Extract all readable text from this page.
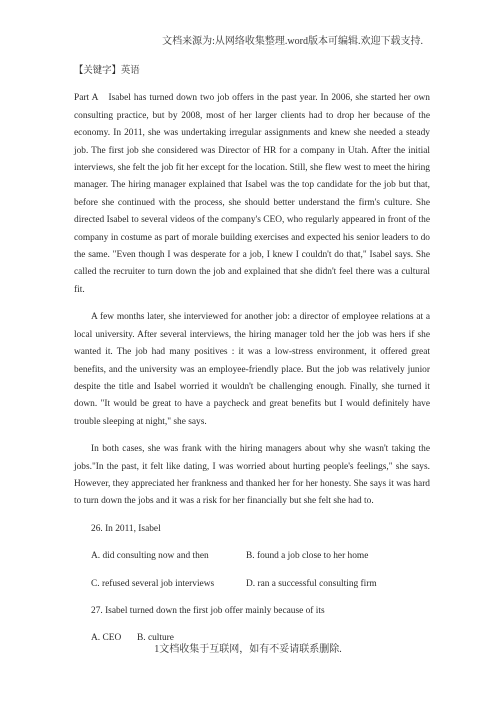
文档来源为:从网络收集整理.word版本可编辑.欢迎下载支持.

【关键字】英语

Part A　Isabel has turned down two job offers in the past year. In 2006, she started her own consulting practice, but by 2008, most of her larger clients had to drop her because of the economy. In 2011, she was undertaking irregular assignments and knew she needed a steady job. The first job she considered was Director of HR for a company in Utah. After the initial interviews, she felt the job fit her except for the location. Still, she flew west to meet the hiring manager. The hiring manager explained that Isabel was the top candidate for the job but that, before she continued with the process, she should better understand the firm's culture. She directed Isabel to several videos of the company's CEO, who regularly appeared in front of the company in costume as part of morale building exercises and expected his senior leaders to do the same. "Even though I was desperate for a job, I knew I couldn't do that," Isabel says. She called the recruiter to turn down the job and explained that she didn't feel there was a cultural fit.

A few months later, she interviewed for another job: a director of employee relations at a local university. After several interviews, the hiring manager told her the job was hers if she wanted it. The job had many positives : it was a low-stress environment, it offered great benefits, and the university was an employee-friendly place. But the job was relatively junior despite the title and Isabel worried it wouldn't be challenging enough. Finally, she turned it down. "It would be great to have a paycheck and great benefits but I would definitely have trouble sleeping at night," she says.

In both cases, she was frank with the hiring managers about why she wasn't taking the jobs."In the past, it felt like dating, I was worried about hurting people's feelings," she says. However, they appreciated her frankness and thanked her for her honesty. She says it was hard to turn down the jobs and it was a risk for her financially but she felt she had to.

26. In 2011, Isabel

A. did consulting now and then	B. found a job close to her home
C. refused several job interviews	D. ran a successful consulting firm

27. Isabel turned down the first job offer mainly because of its

A. CEO	B. culture
1文档收集于互联网，如有不妥请联系删除.
